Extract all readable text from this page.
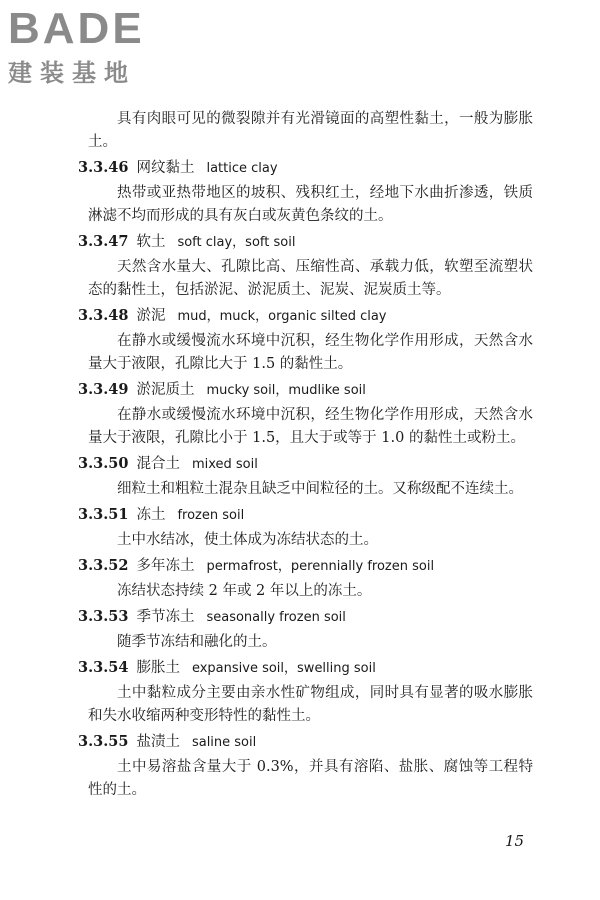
BADE
建装基地

具有肉眼可见的微裂隙并有光滑镜面的高塑性黏土，一般为膨胀土。

3.3.46 网纹黏土 lattice clay

热带或亚热带地区的坡积、残积红土，经地下水曲折渗透，铁质淋滤不均而形成的具有灰白或灰黄色条纹的土。

3.3.47 软土 soft clay，soft soil

天然含水量大、孔隙比高、压缩性高、承载力低，软塑至流塑状态的黏性土，包括淤泥、淤泥质土、泥炭、泥炭质土等。

3.3.48 淤泥 mud，muck，organic silted clay

在静水或缓慢流水环境中沉积，经生物化学作用形成，天然含水量大于液限，孔隙比大于 1.5 的黏性土。

3.3.49 淤泥质土 mucky soil，mudlike soil

在静水或缓慢流水环境中沉积，经生物化学作用形成，天然含水量大于液限，孔隙比小于 1.5，且大于或等于 1.0 的黏性土或粉土。

3.3.50 混合土 mixed soil

细粒土和粗粒土混杂且缺乏中间粒径的土。又称级配不连续土。

3.3.51 冻土 frozen soil

土中水结冰，使土体成为冻结状态的土。

3.3.52 多年冻土 permafrost，perennially frozen soil

冻结状态持续 2 年或 2 年以上的冻土。

3.3.53 季节冻土 seasonally frozen soil

随季节冻结和融化的土。

3.3.54 膨胀土 expansive soil，swelling soil

土中黏粒成分主要由亲水性矿物组成，同时具有显著的吸水膨胀和失水收缩两种变形特性的黏性土。

3.3.55 盐渍土 saline soil

土中易溶盐含量大于 0.3%，并具有溶陷、盐胀、腐蚀等工程特性的土。

15
